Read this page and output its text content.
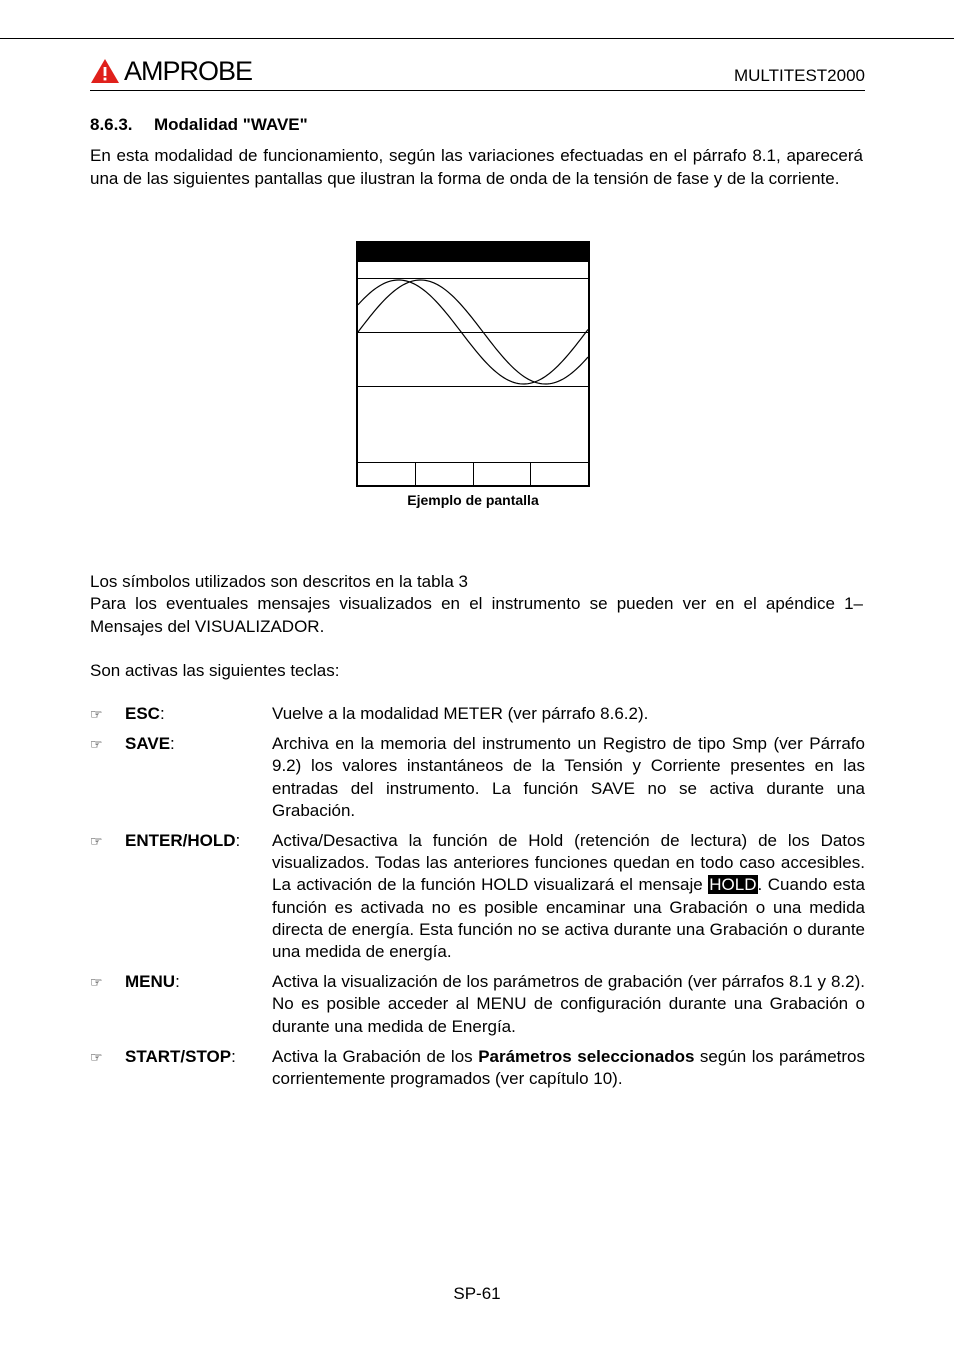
AMPROBE	MULTITEST2000
8.6.3. Modalidad "WAVE"
En esta modalidad de funcionamiento, según las variaciones efectuadas en el párrafo 8.1, aparecerá una de las siguientes pantallas que ilustran la forma de onda de la tensión de fase y de la corriente.
Ejemplo de pantalla
Los símbolos utilizados son descritos en la tabla 3
Para los eventuales mensajes visualizados en el instrumento se pueden ver en el apéndice 1–Mensajes del VISUALIZADOR.
Son activas las siguientes teclas:
☞	ESC:	Vuelve a la modalidad METER (ver párrafo 8.6.2).
☞	SAVE:	Archiva en la memoria del instrumento un Registro de tipo Smp (ver Párrafo 9.2) los valores instantáneos de la Tensión y Corriente presentes en las entradas del instrumento. La función SAVE no se activa durante una Grabación.
☞	ENTER/HOLD:	Activa/Desactiva la función de Hold (retención de lectura) de los Datos visualizados. Todas las anteriores funciones quedan en todo caso accesibles. La activación de la función HOLD visualizará el mensaje HOLD. Cuando esta función es activada no es posible encaminar una Grabación o una medida directa de energía. Esta función no se activa durante una Grabación o durante una medida de energía.
☞	MENU:	Activa la visualización de los parámetros de grabación (ver párrafos 8.1 y 8.2). No es posible acceder al MENU de configuración durante una Grabación o durante una medida de Energía.
☞	START/STOP:	Activa la Grabación de los Parámetros seleccionados según los parámetros corrientemente programados (ver capítulo 10).
SP-61
